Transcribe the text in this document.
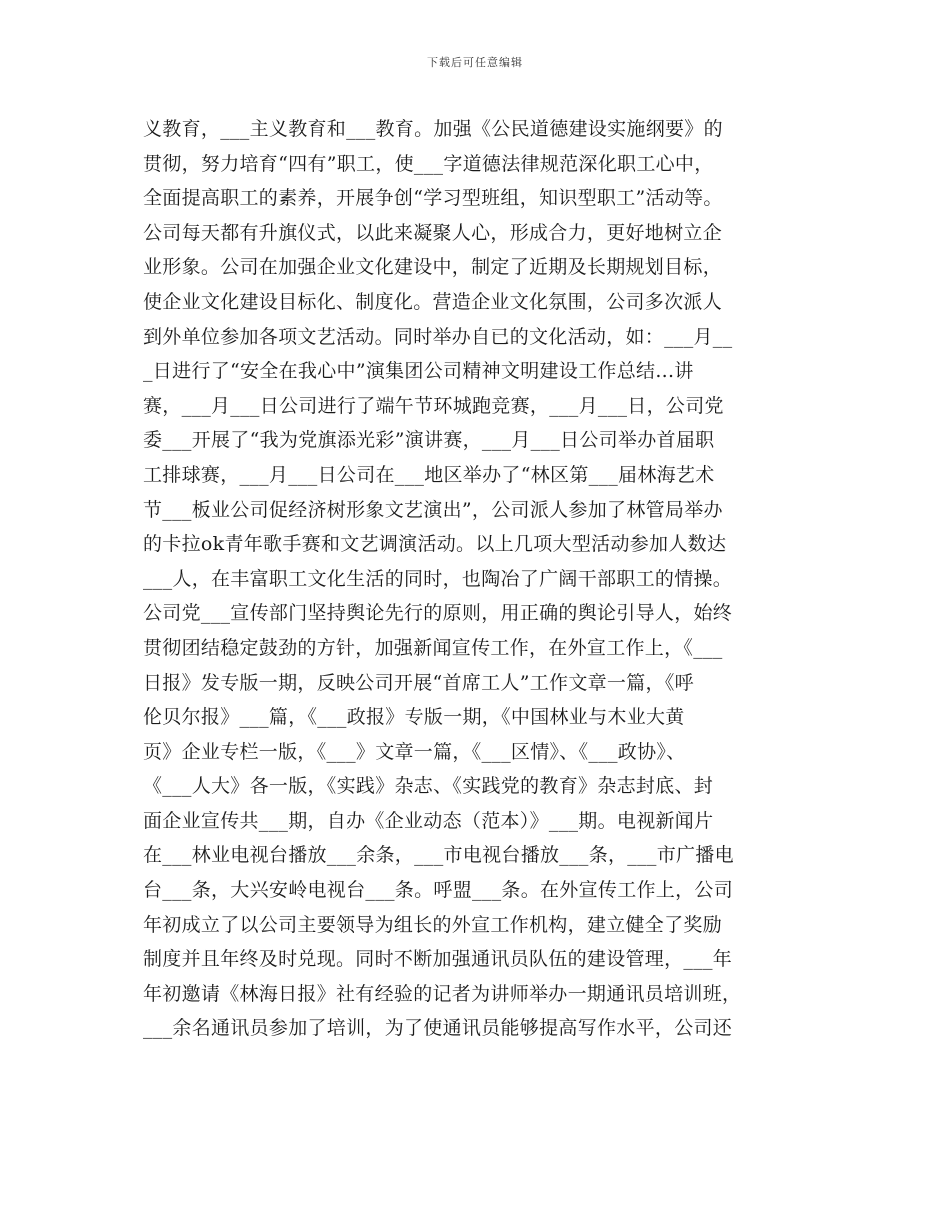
下载后可任意编辑
义教育，___主义教育和___教育。加强《公民道德建设实施纲要》的
贯彻，努力培育“四有”职工，使___字道德法律规范深化职工心中，
全面提高职工的素养，开展争创“学习型班组，知识型职工”活动等。
公司每天都有升旗仪式，以此来凝聚人心，形成合力，更好地树立企
业形象。公司在加强企业文化建设中，制定了近期及长期规划目标，
使企业文化建设目标化、制度化。营造企业文化氛围，公司多次派人
到外单位参加各项文艺活动。同时举办自已的文化活动，如：___月__
_日进行了“安全在我心中”演集团公司精神文明建设工作总结...讲
赛，___月___日公司进行了端午节环城跑竞赛，___月___日，公司党
委___开展了“我为党旗添光彩”演讲赛，___月___日公司举办首届职
工排球赛，___月___日公司在___地区举办了“林区第___届林海艺术
节___板业公司促经济树形象文艺演出”，公司派人参加了林管局举办
的卡拉ok青年歌手赛和文艺调演活动。以上几项大型活动参加人数达
___人，在丰富职工文化生活的同时，也陶冶了广阔干部职工的情操。
公司党___宣传部门坚持舆论先行的原则，用正确的舆论引导人，始终
贯彻团结稳定鼓劲的方针，加强新闻宣传工作，在外宣工作上，《___
日报》发专版一期，反映公司开展“首席工人”工作文章一篇，《呼
伦贝尔报》___篇，《___政报》专版一期，《中国林业与木业大黄
页》企业专栏一版，《___》文章一篇，《___区情》、《___政协》、
《___人大》各一版，《实践》杂志、《实践党的教育》杂志封底、封
面企业宣传共___期，自办《企业动态（范本）》___期。电视新闻片
在___林业电视台播放___余条，___市电视台播放___条，___市广播电
台___条，大兴安岭电视台___条。呼盟___条。在外宣传工作上，公司
年初成立了以公司主要领导为组长的外宣工作机构，建立健全了奖励
制度并且年终及时兑现。同时不断加强通讯员队伍的建设管理，___年
年初邀请《林海日报》社有经验的记者为讲师举办一期通讯员培训班，
___余名通讯员参加了培训，为了使通讯员能够提高写作水平，公司还
